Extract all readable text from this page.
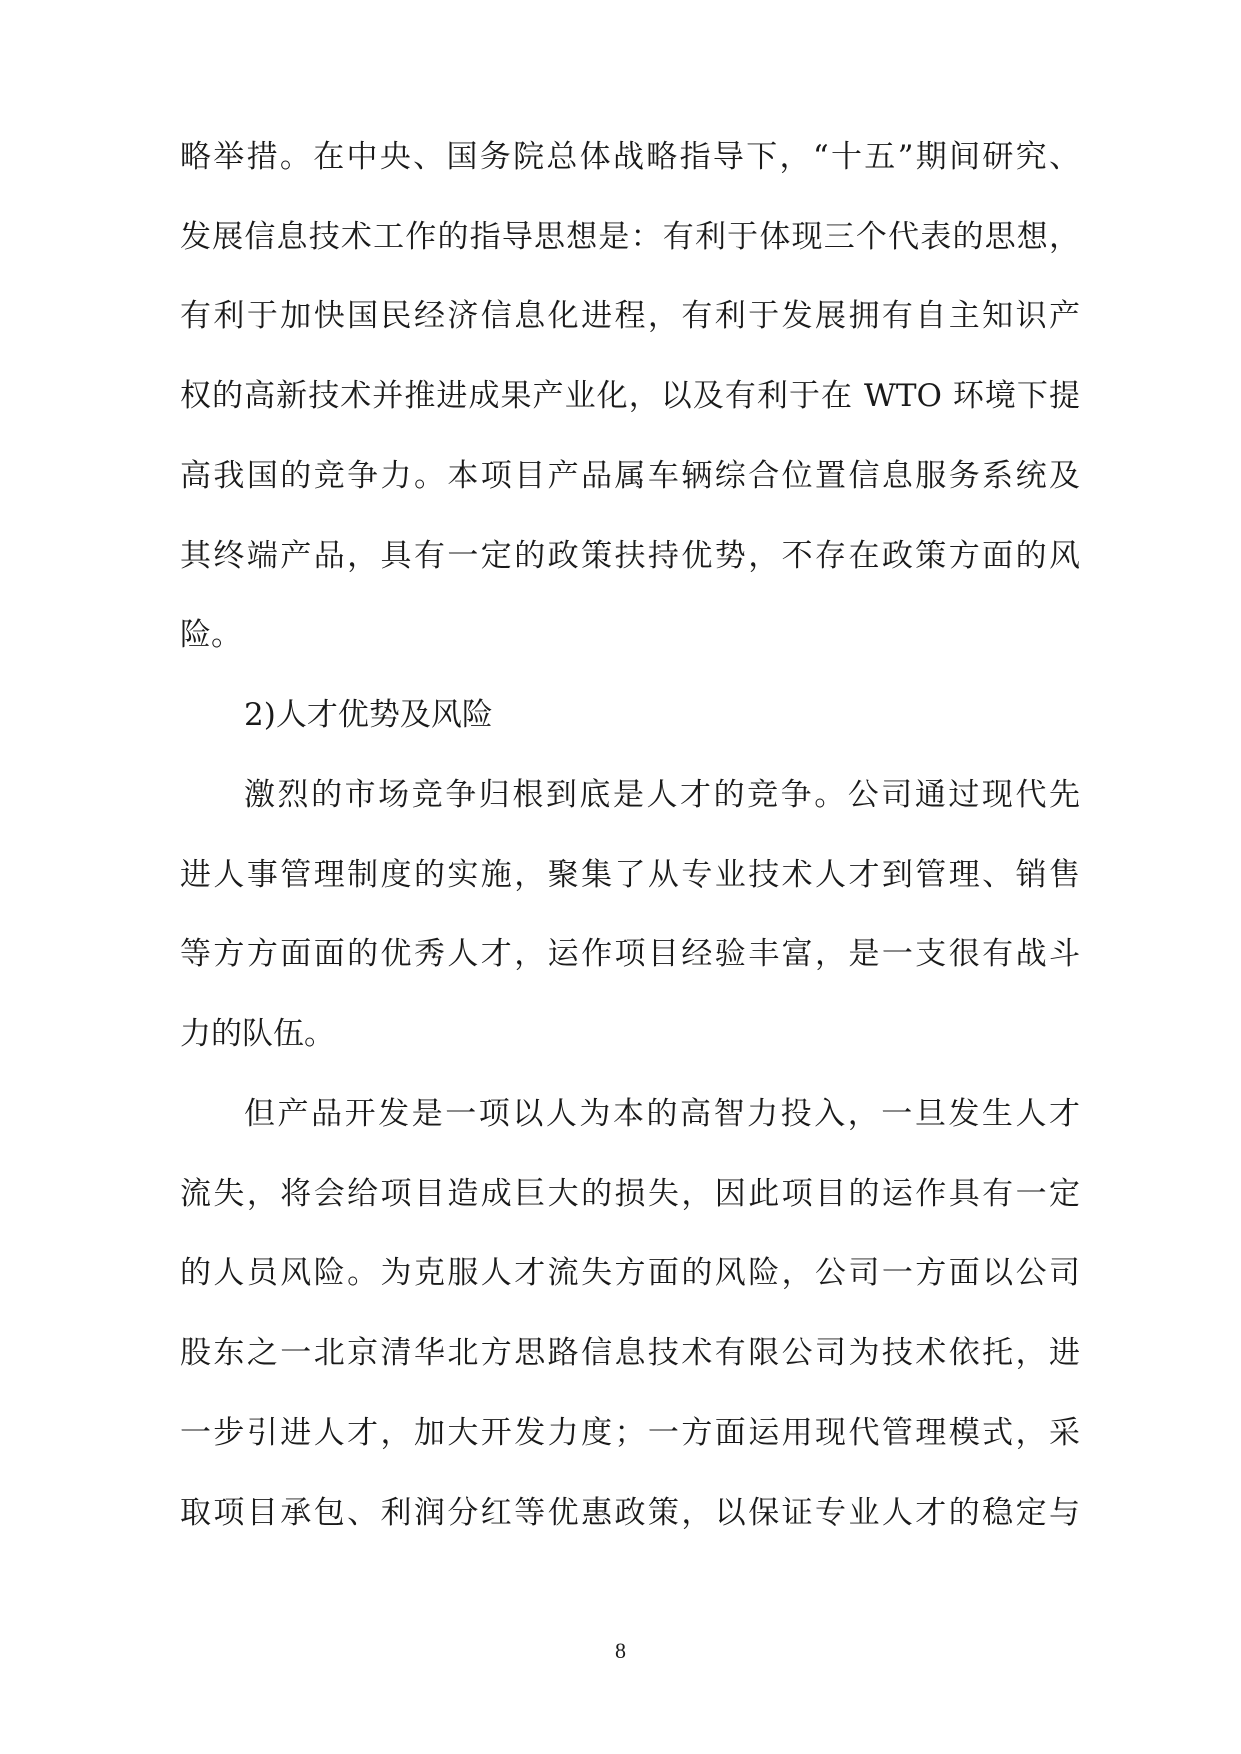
略举措。在中央、国务院总体战略指导下，“十五”期间研究、
发展信息技术工作的指导思想是：有利于体现三个代表的思想，
有利于加快国民经济信息化进程，有利于发展拥有自主知识产
权的高新技术并推进成果产业化，以及有利于在 WTO 环境下提
高我国的竞争力。本项目产品属车辆综合位置信息服务系统及
其终端产品，具有一定的政策扶持优势，不存在政策方面的风
险。
2)人才优势及风险
激烈的市场竞争归根到底是人才的竞争。公司通过现代先
进人事管理制度的实施，聚集了从专业技术人才到管理、销售
等方方面面的优秀人才，运作项目经验丰富，是一支很有战斗
力的队伍。
但产品开发是一项以人为本的高智力投入，一旦发生人才
流失，将会给项目造成巨大的损失，因此项目的运作具有一定
的人员风险。为克服人才流失方面的风险，公司一方面以公司
股东之一北京清华北方思路信息技术有限公司为技术依托，进
一步引进人才，加大开发力度；一方面运用现代管理模式，采
取项目承包、利润分红等优惠政策，以保证专业人才的稳定与
8
